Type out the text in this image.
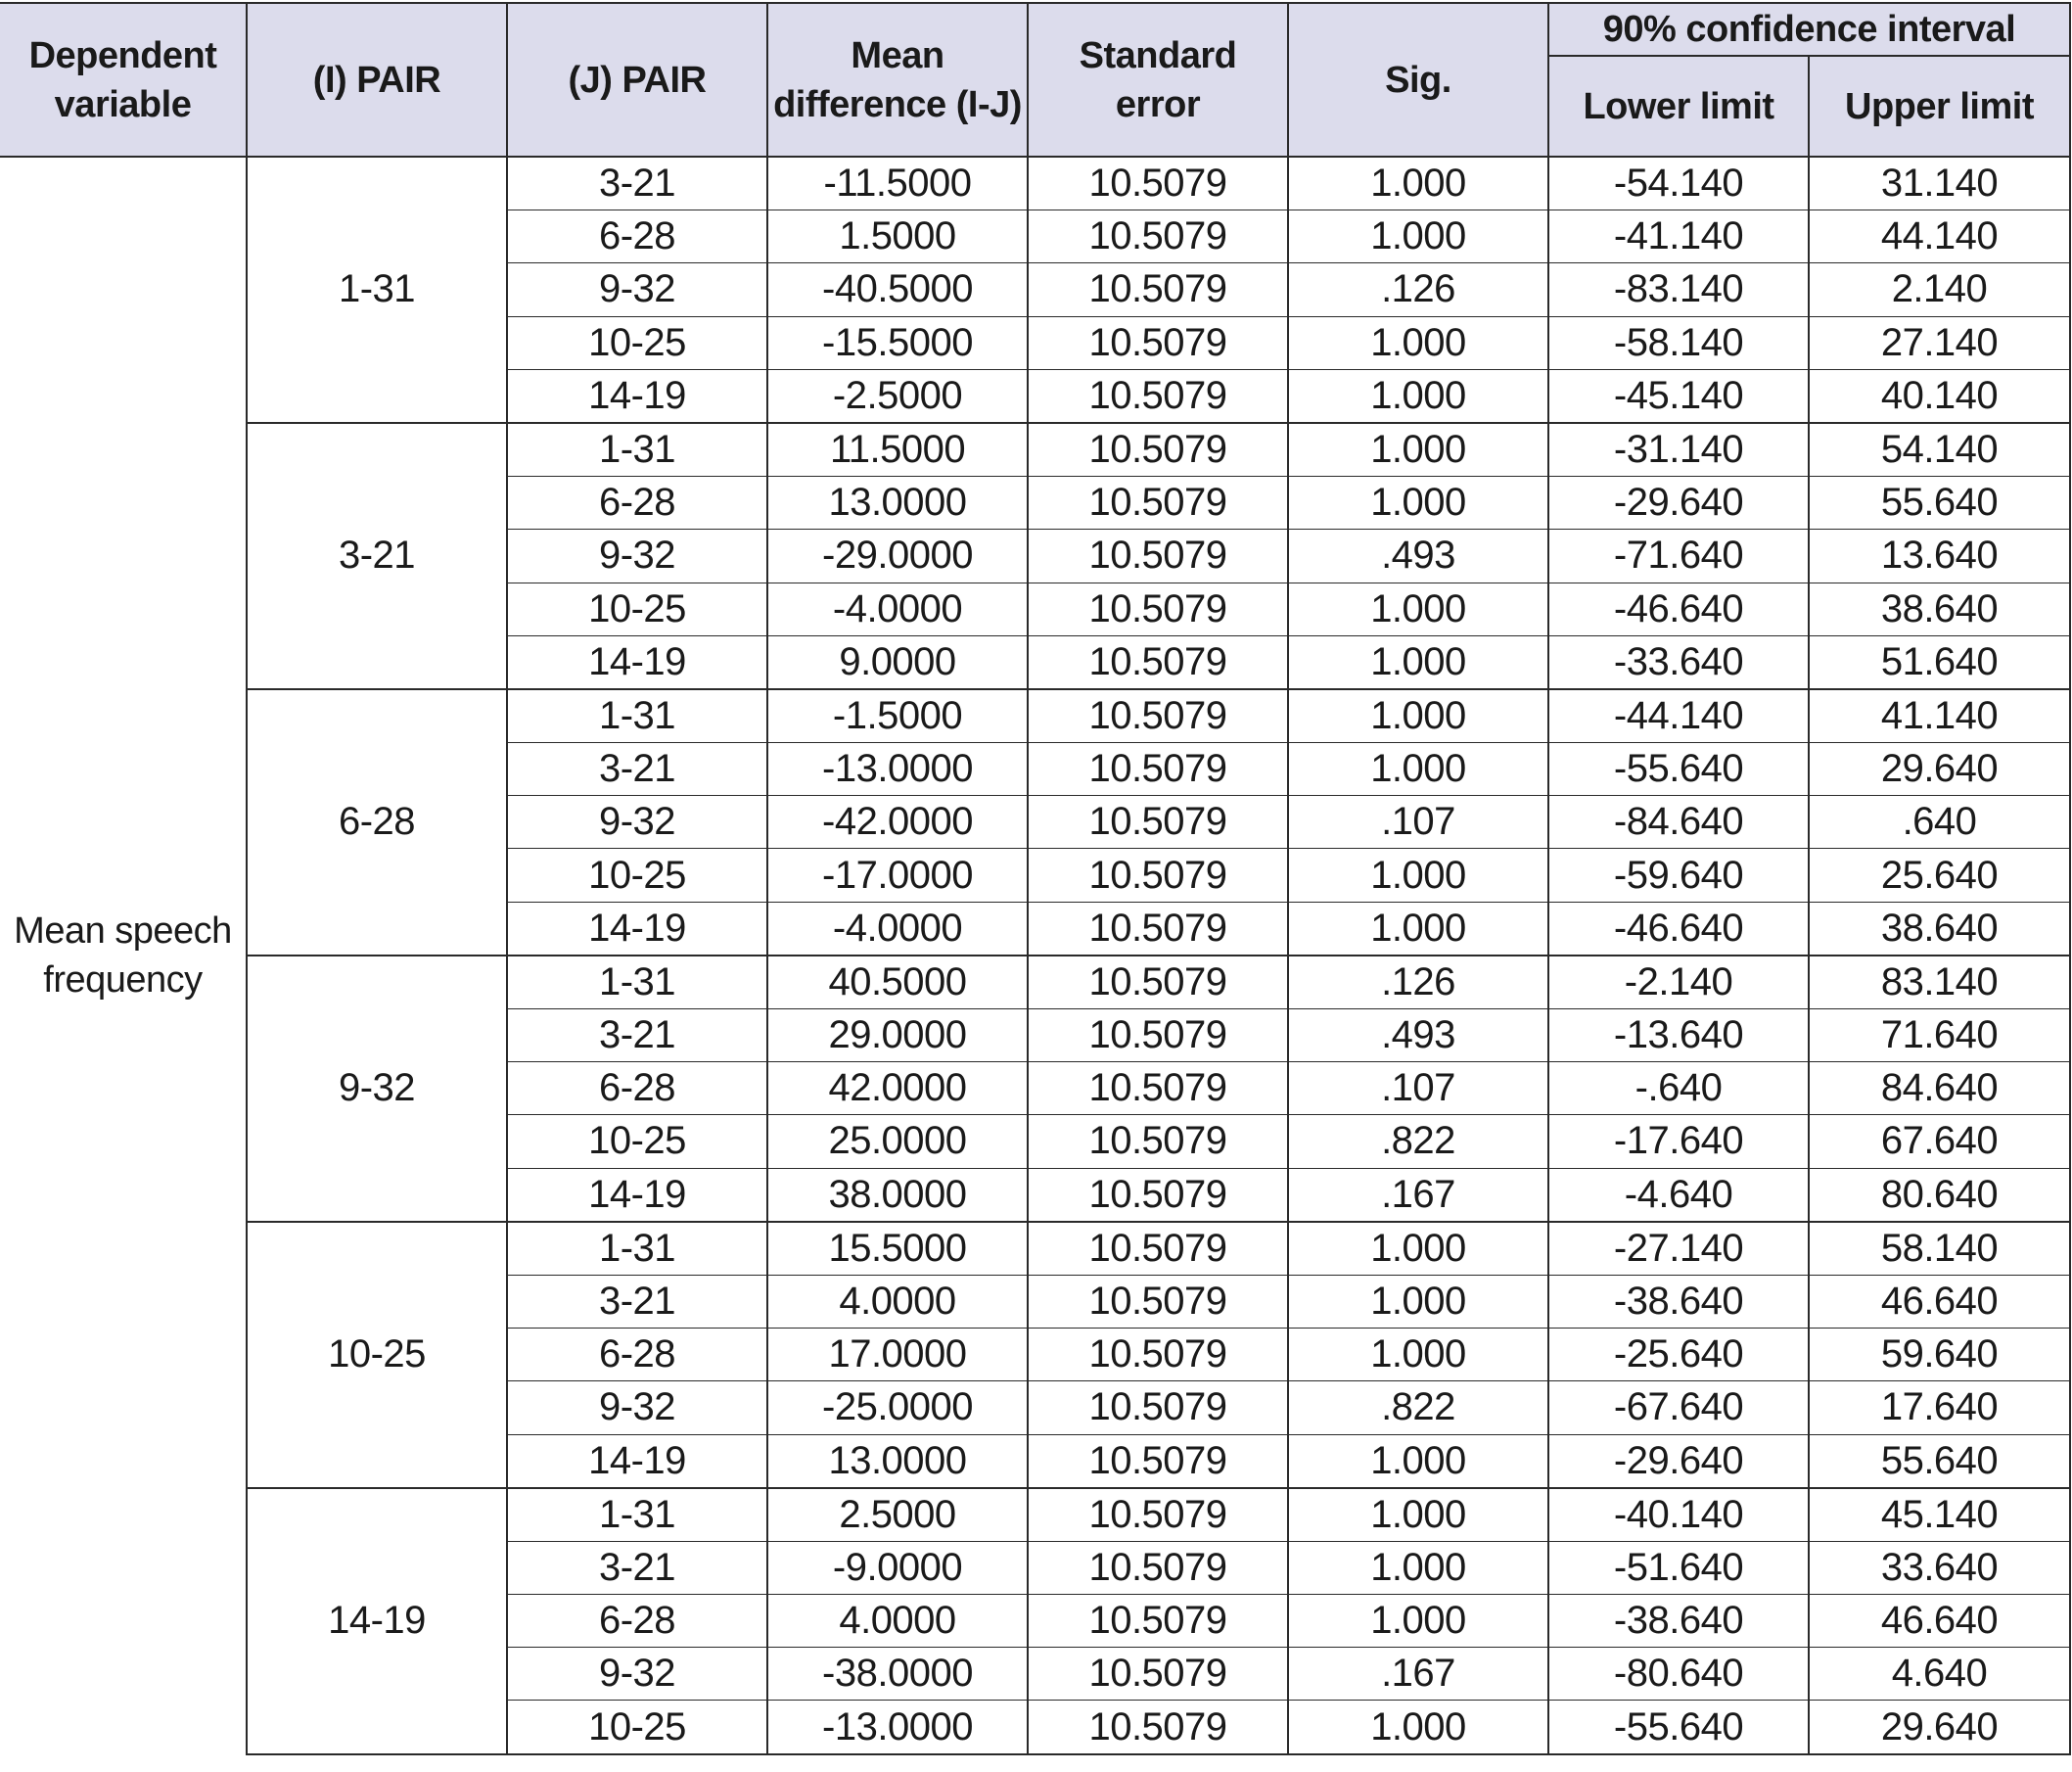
Dependent variable	(I) PAIR	(J) PAIR	Mean difference (I-J)	Standard error	Sig.	90% confidence interval	
						Lower limit	Upper limit
Mean speech frequency	1-31	3-21	-11.5000	10.5079	1.000	-54.140	31.140
		6-28	1.5000	10.5079	1.000	-41.140	44.140
		9-32	-40.5000	10.5079	.126	-83.140	2.140
		10-25	-15.5000	10.5079	1.000	-58.140	27.140
		14-19	-2.5000	10.5079	1.000	-45.140	40.140
	3-21	1-31	11.5000	10.5079	1.000	-31.140	54.140
		6-28	13.0000	10.5079	1.000	-29.640	55.640
		9-32	-29.0000	10.5079	.493	-71.640	13.640
		10-25	-4.0000	10.5079	1.000	-46.640	38.640
		14-19	9.0000	10.5079	1.000	-33.640	51.640
	6-28	1-31	-1.5000	10.5079	1.000	-44.140	41.140
		3-21	-13.0000	10.5079	1.000	-55.640	29.640
		9-32	-42.0000	10.5079	.107	-84.640	.640
		10-25	-17.0000	10.5079	1.000	-59.640	25.640
		14-19	-4.0000	10.5079	1.000	-46.640	38.640
	9-32	1-31	40.5000	10.5079	.126	-2.140	83.140
		3-21	29.0000	10.5079	.493	-13.640	71.640
		6-28	42.0000	10.5079	.107	-.640	84.640
		10-25	25.0000	10.5079	.822	-17.640	67.640
		14-19	38.0000	10.5079	.167	-4.640	80.640
	10-25	1-31	15.5000	10.5079	1.000	-27.140	58.140
		3-21	4.0000	10.5079	1.000	-38.640	46.640
		6-28	17.0000	10.5079	1.000	-25.640	59.640
		9-32	-25.0000	10.5079	.822	-67.640	17.640
		14-19	13.0000	10.5079	1.000	-29.640	55.640
	14-19	1-31	2.5000	10.5079	1.000	-40.140	45.140
		3-21	-9.0000	10.5079	1.000	-51.640	33.640
		6-28	4.0000	10.5079	1.000	-38.640	46.640
		9-32	-38.0000	10.5079	.167	-80.640	4.640
		10-25	-13.0000	10.5079	1.000	-55.640	29.640
